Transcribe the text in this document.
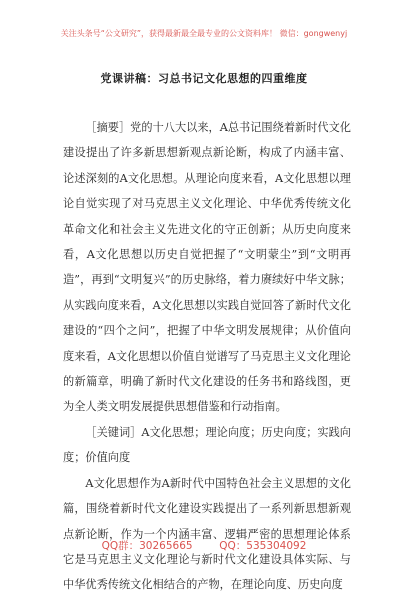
关注头条号“公文研究”，获得最新最全最专业的公文资料库！ 微信：gongwenyj
党课讲稿：习总书记文化思想的四重维度

［摘要］党的十八大以来，A总书记围绕着新时代文化建设提出了许多新思想新观点新论断，构成了内涵丰富、论述深刻的A文化思想。从理论向度来看，A文化思想以理论自觉实现了对马克思主义文化理论、中华优秀传统文化革命文化和社会主义先进文化的守正创新；从历史向度来看，A文化思想以历史自觉把握了“文明蒙尘”到“文明再造”，再到“文明复兴”的历史脉络，着力赓续好中华文脉；从实践向度来看，A文化思想以实践自觉回答了新时代文化建设的“四个之问”，把握了中华文明发展规律；从价值向度来看，A文化思想以价值自觉谱写了马克思主义文化理论的新篇章，明确了新时代文化建设的任务书和路线图，更为全人类文明发展提供思想借鉴和行动指南。

［关键词］A文化思想；理论向度；历史向度；实践向度；价值向度

A文化思想作为A新时代中国特色社会主义思想的文化篇，围绕着新时代文化建设实践提出了一系列新思想新观点新论断，作为一个内涵丰富、逻辑严密的思想理论体系它是马克思主义文化理论与新时代文化建设具体实际、与中华优秀传统文化相结合的产物，在理论向度、历史向度

QQ群：30265665        QQ：535304092
